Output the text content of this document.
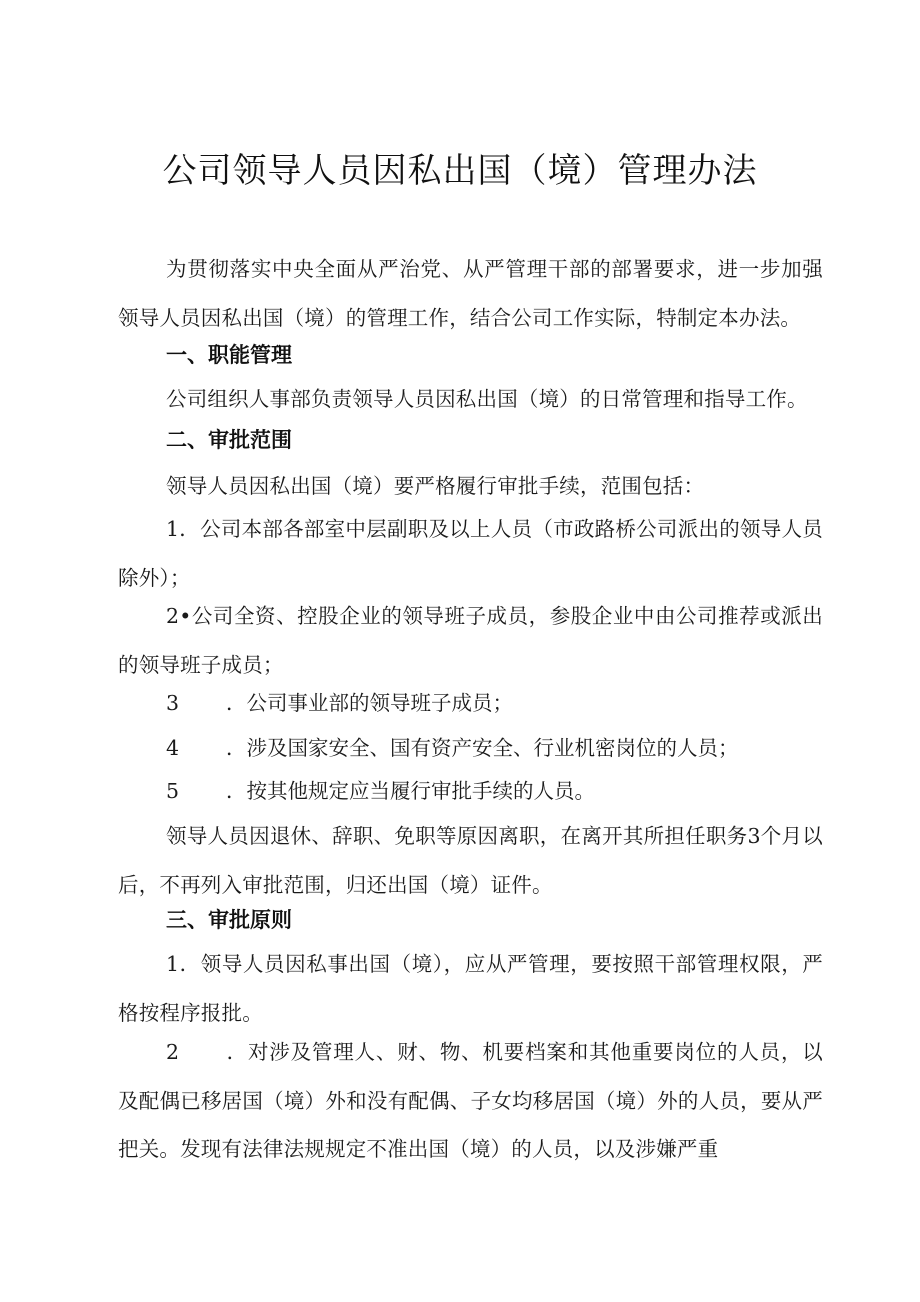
公司领导人员因私出国（境）管理办法

为贯彻落实中央全面从严治党、从严管理干部的部署要求，进一步加强领导人员因私出国（境）的管理工作，结合公司工作实际，特制定本办法。

一、职能管理

公司组织人事部负责领导人员因私出国（境）的日常管理和指导工作。

二、审批范围

领导人员因私出国（境）要严格履行审批手续，范围包括：

1．公司本部各部室中层副职及以上人员（市政路桥公司派出的领导人员除外）；

2•公司全资、控股企业的领导班子成员，参股企业中由公司推荐或派出的领导班子成员；

3 ．公司事业部的领导班子成员；
4 ．涉及国家安全、国有资产安全、行业机密岗位的人员；
5 ．按其他规定应当履行审批手续的人员。

领导人员因退休、辞职、免职等原因离职，在离开其所担任职务3个月以后，不再列入审批范围，归还出国（境）证件。

三、审批原则

1．领导人员因私事出国（境），应从严管理，要按照干部管理权限，严格按程序报批。

2 ．对涉及管理人、财、物、机要档案和其他重要岗位的人员，以及配偶已移居国（境）外和没有配偶、子女均移居国（境）外的人员，要从严把关。发现有法律法规规定不准出国（境）的人员，以及涉嫌严重
